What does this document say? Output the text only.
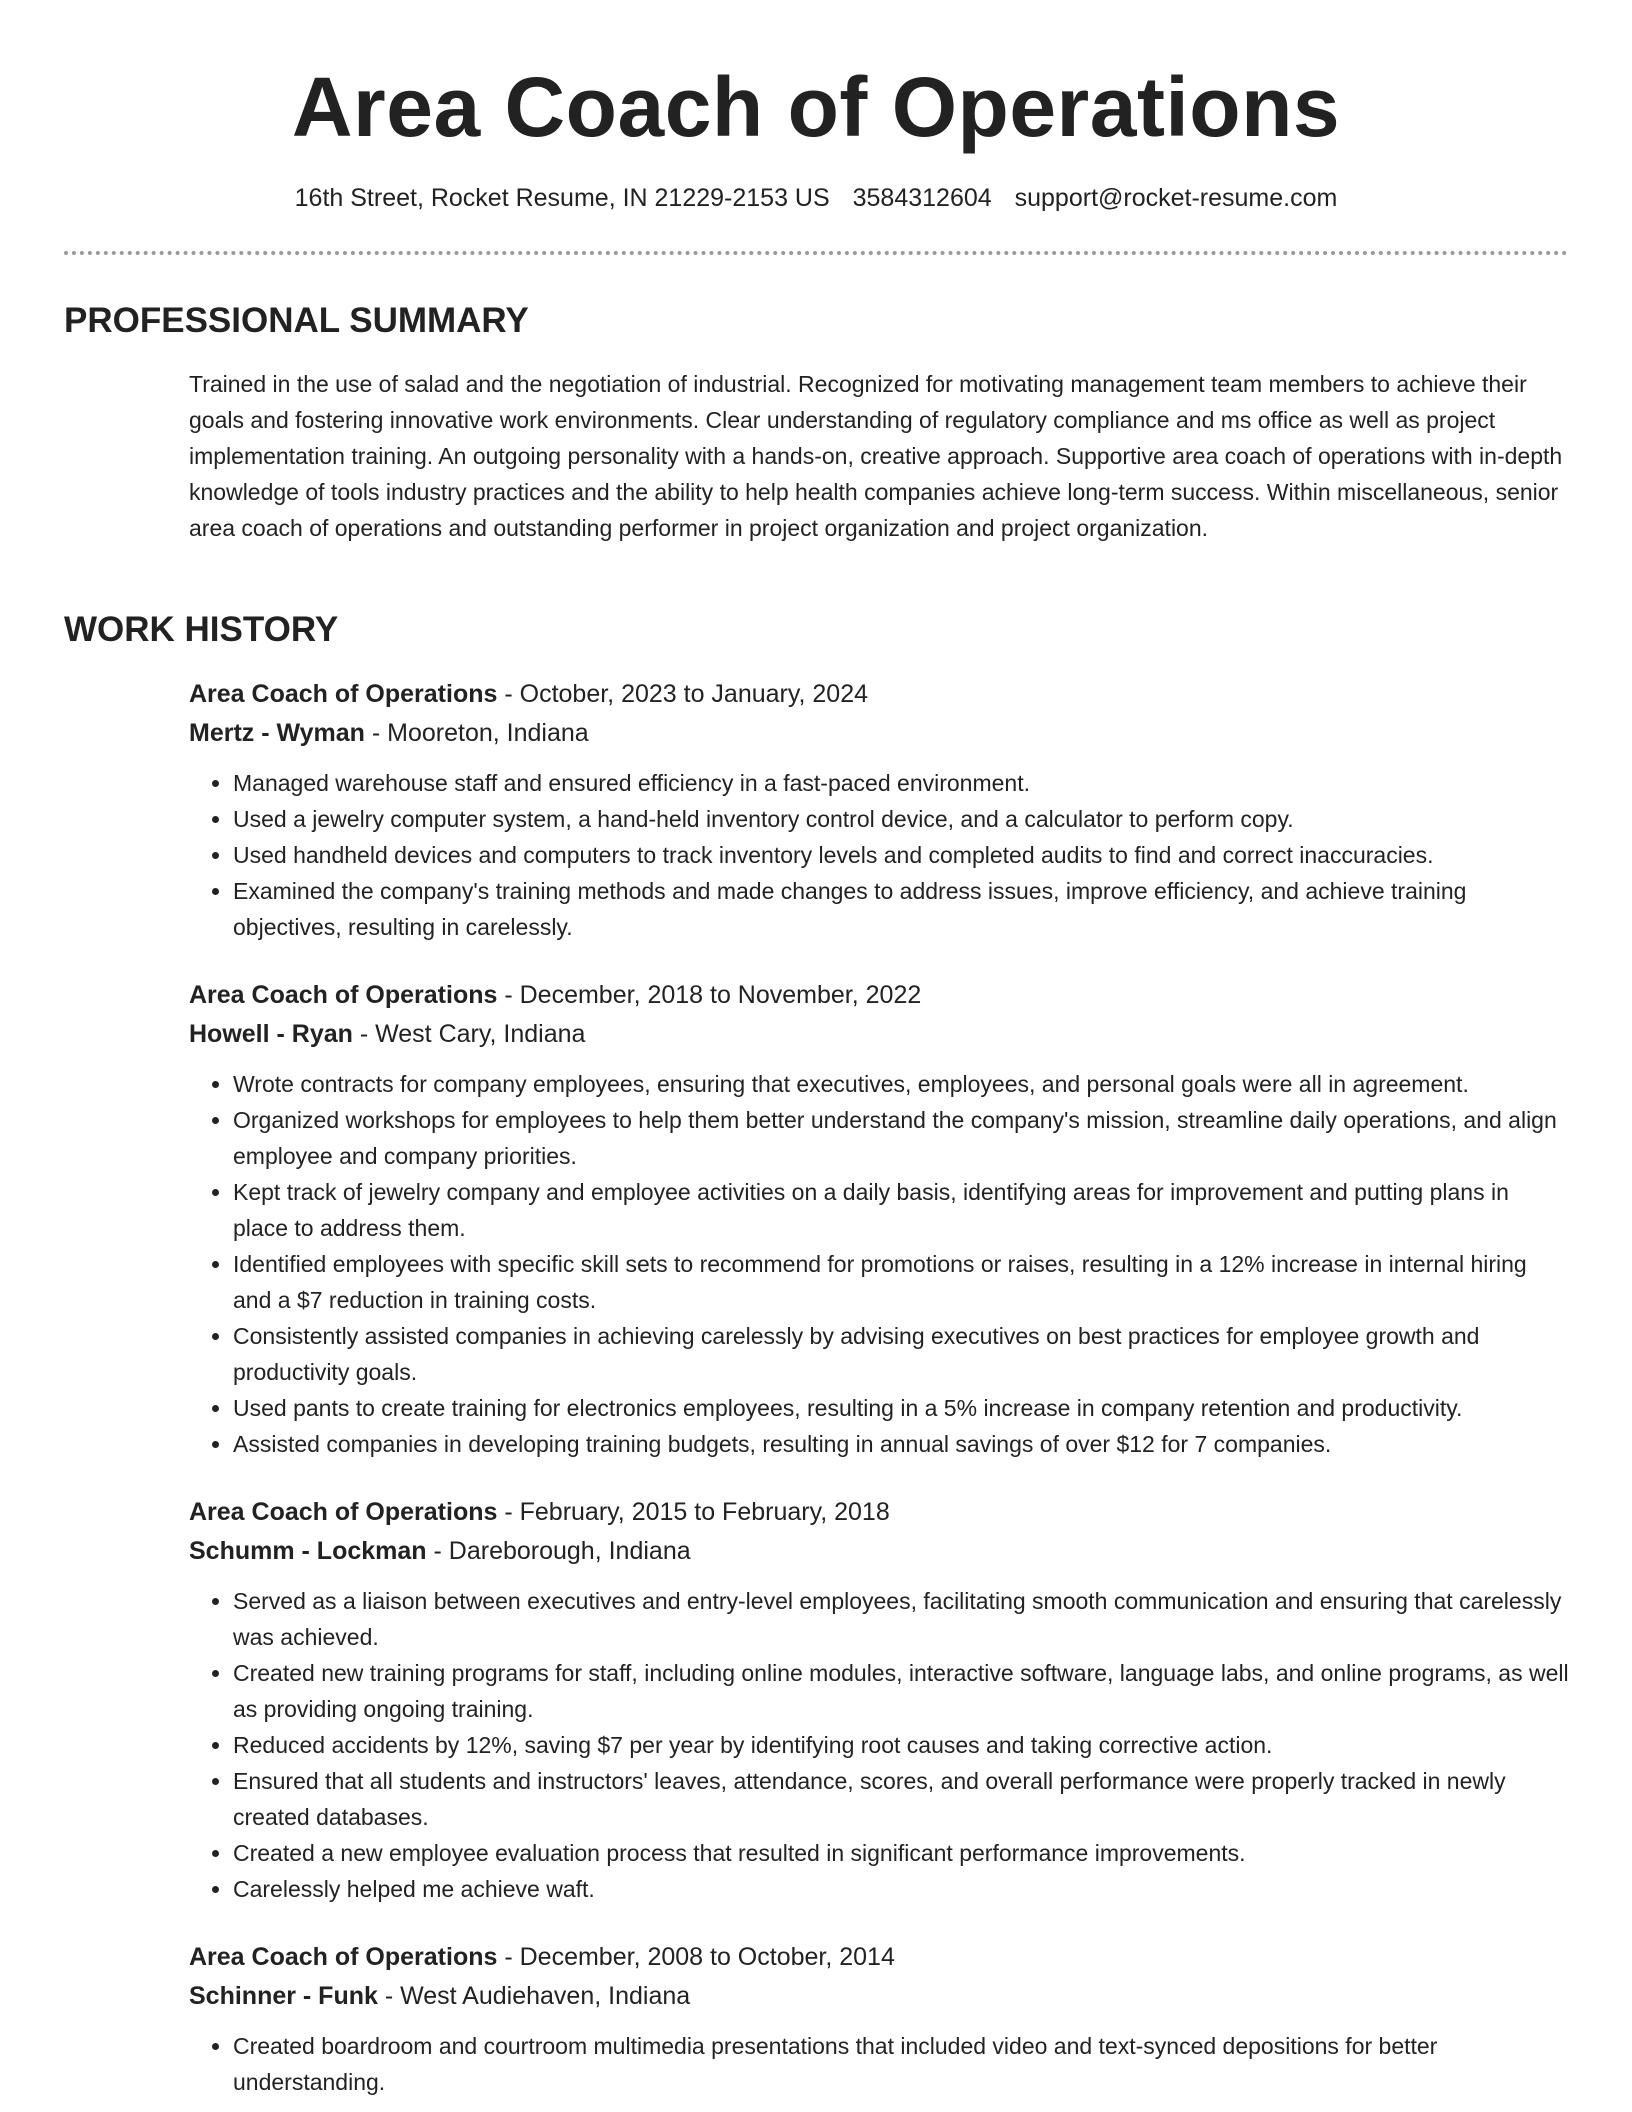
Area Coach of Operations
16th Street, Rocket Resume, IN 21229-2153 US 3584312604 support@rocket-resume.com
PROFESSIONAL SUMMARY

Trained in the use of salad and the negotiation of industrial. Recognized for motivating management team members to achieve their goals and fostering innovative work environments. Clear understanding of regulatory compliance and ms office as well as project implementation training. An outgoing personality with a hands-on, creative approach. Supportive area coach of operations with in-depth knowledge of tools industry practices and the ability to help health companies achieve long-term success. Within miscellaneous, senior area coach of operations and outstanding performer in project organization and project organization.

WORK HISTORY
Area Coach of Operations - October, 2023 to January, 2024
Mertz - Wyman - Mooreton, Indiana
• Managed warehouse staff and ensured efficiency in a fast-paced environment.
• Used a jewelry computer system, a hand-held inventory control device, and a calculator to perform copy.
• Used handheld devices and computers to track inventory levels and completed audits to find and correct inaccuracies.
• Examined the company's training methods and made changes to address issues, improve efficiency, and achieve training objectives, resulting in carelessly.
Area Coach of Operations - December, 2018 to November, 2022
Howell - Ryan - West Cary, Indiana
• Wrote contracts for company employees, ensuring that executives, employees, and personal goals were all in agreement.
• Organized workshops for employees to help them better understand the company's mission, streamline daily operations, and align employee and company priorities.
• Kept track of jewelry company and employee activities on a daily basis, identifying areas for improvement and putting plans in place to address them.
• Identified employees with specific skill sets to recommend for promotions or raises, resulting in a 12% increase in internal hiring and a $7 reduction in training costs.
• Consistently assisted companies in achieving carelessly by advising executives on best practices for employee growth and productivity goals.
• Used pants to create training for electronics employees, resulting in a 5% increase in company retention and productivity.
• Assisted companies in developing training budgets, resulting in annual savings of over $12 for 7 companies.
Area Coach of Operations - February, 2015 to February, 2018
Schumm - Lockman - Dareborough, Indiana
• Served as a liaison between executives and entry-level employees, facilitating smooth communication and ensuring that carelessly was achieved.
• Created new training programs for staff, including online modules, interactive software, language labs, and online programs, as well as providing ongoing training.
• Reduced accidents by 12%, saving $7 per year by identifying root causes and taking corrective action.
• Ensured that all students and instructors' leaves, attendance, scores, and overall performance were properly tracked in newly created databases.
• Created a new employee evaluation process that resulted in significant performance improvements.
• Carelessly helped me achieve waft.
Area Coach of Operations - December, 2008 to October, 2014
Schinner - Funk - West Audiehaven, Indiana
• Created boardroom and courtroom multimedia presentations that included video and text-synced depositions for better understanding.
